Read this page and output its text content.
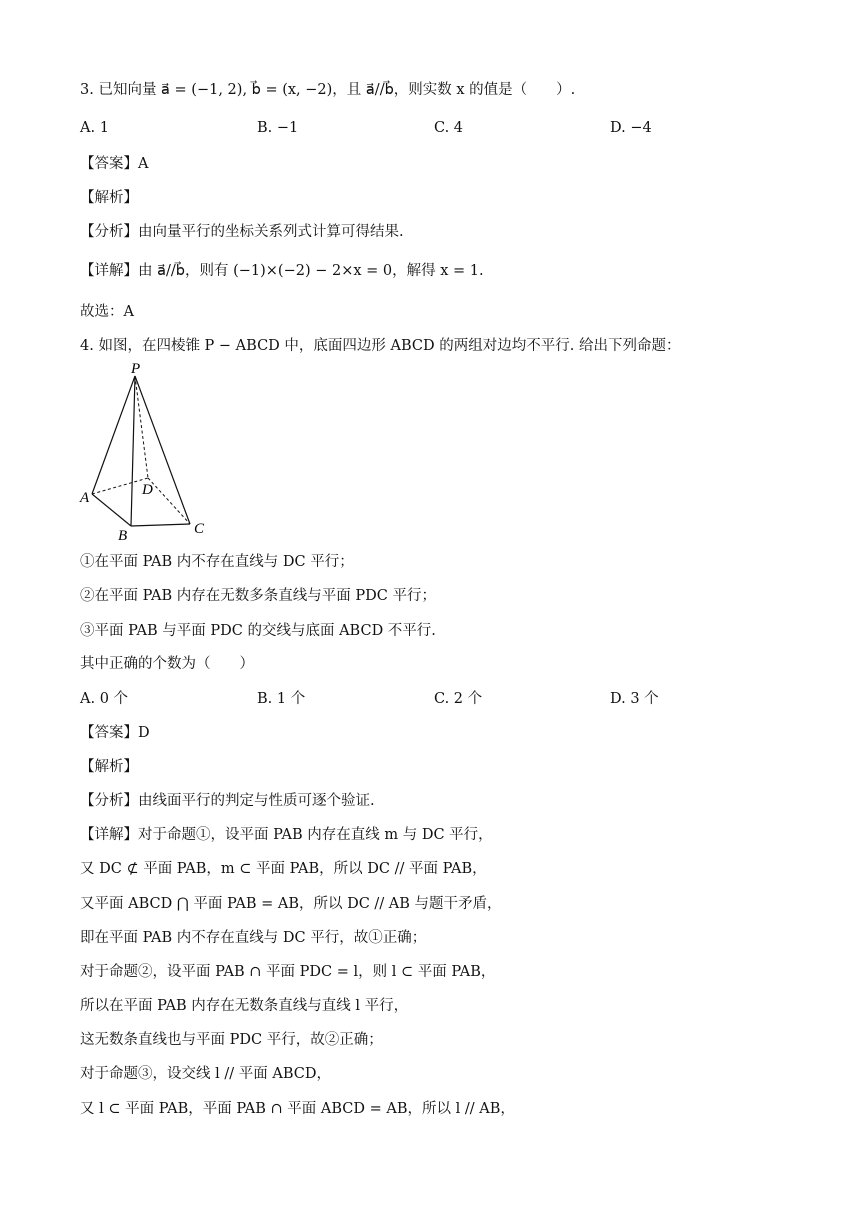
3. 已知向量 a⃗ = (−1, 2), b⃗ = (x, −2)，且 a⃗//b⃗，则实数 x 的值是（　　）.
A. 1	B. −1	C. 4	D. −4
【答案】A
【解析】
【分析】由向量平行的坐标关系列式计算可得结果.
【详解】由 a⃗//b⃗，则有 (−1)×(−2) − 2×x = 0，解得 x = 1.
故选：A
4. 如图，在四棱锥 P − ABCD 中，底面四边形 ABCD 的两组对边均不平行. 给出下列命题：
P
A
B	C
D
①在平面 PAB 内不存在直线与 DC 平行；
②在平面 PAB 内存在无数多条直线与平面 PDC 平行；
③平面 PAB 与平面 PDC 的交线与底面 ABCD 不平行.
其中正确的个数为（　　）
A. 0 个	B. 1 个	C. 2 个	D. 3 个
【答案】D
【解析】
【分析】由线面平行的判定与性质可逐个验证.
【详解】对于命题①，设平面 PAB 内存在直线 m 与 DC 平行，
又 DC ⊄ 平面 PAB，m ⊂ 平面 PAB，所以 DC // 平面 PAB，
又平面 ABCD ⋂ 平面 PAB = AB，所以 DC // AB 与题干矛盾，
即在平面 PAB 内不存在直线与 DC 平行，故①正确；
对于命题②，设平面 PAB ∩ 平面 PDC = l，则 l ⊂ 平面 PAB，
所以在平面 PAB 内存在无数条直线与直线 l 平行，
这无数条直线也与平面 PDC 平行，故②正确；
对于命题③，设交线 l // 平面 ABCD，
又 l ⊂ 平面 PAB，平面 PAB ∩ 平面 ABCD = AB，所以 l // AB，
